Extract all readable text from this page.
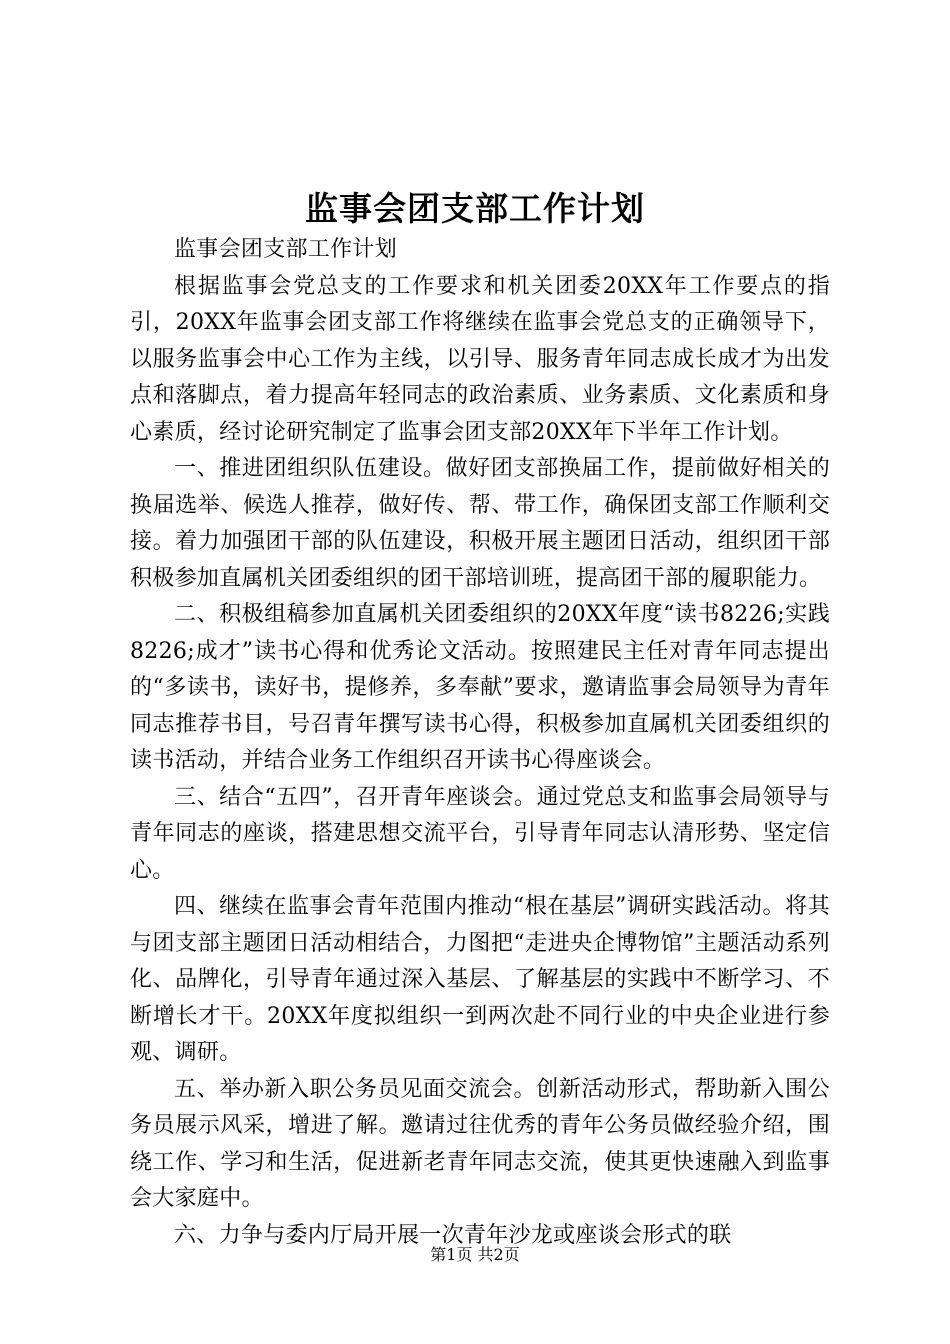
监事会团支部工作计划

监事会团支部工作计划

根据监事会党总支的工作要求和机关团委20XX年工作要点的指引，20XX年监事会团支部工作将继续在监事会党总支的正确领导下，以服务监事会中心工作为主线，以引导、服务青年同志成长成才为出发点和落脚点，着力提高年轻同志的政治素质、业务素质、文化素质和身心素质，经讨论研究制定了监事会团支部20XX年下半年工作计划。

一、推进团组织队伍建设。做好团支部换届工作，提前做好相关的换届选举、候选人推荐，做好传、帮、带工作，确保团支部工作顺利交接。着力加强团干部的队伍建设，积极开展主题团日活动，组织团干部积极参加直属机关团委组织的团干部培训班，提高团干部的履职能力。

二、积极组稿参加直属机关团委组织的20XX年度“读书8226;实践8226;成才”读书心得和优秀论文活动。按照建民主任对青年同志提出的“多读书，读好书，提修养，多奉献”要求，邀请监事会局领导为青年同志推荐书目，号召青年撰写读书心得，积极参加直属机关团委组织的读书活动，并结合业务工作组织召开读书心得座谈会。

三、结合“五四”，召开青年座谈会。通过党总支和监事会局领导与青年同志的座谈，搭建思想交流平台，引导青年同志认清形势、坚定信心。

四、继续在监事会青年范围内推动“根在基层”调研实践活动。将其与团支部主题团日活动相结合，力图把“走进央企博物馆”主题活动系列化、品牌化，引导青年通过深入基层、了解基层的实践中不断学习、不断增长才干。20XX年度拟组织一到两次赴不同行业的中央企业进行参观、调研。

五、举办新入职公务员见面交流会。创新活动形式，帮助新入围公务员展示风采，增进了解。邀请过往优秀的青年公务员做经验介绍，围绕工作、学习和生活，促进新老青年同志交流，使其更快速融入到监事会大家庭中。

六、力争与委内厅局开展一次青年沙龙或座谈会形式的联

第1页 共2页
